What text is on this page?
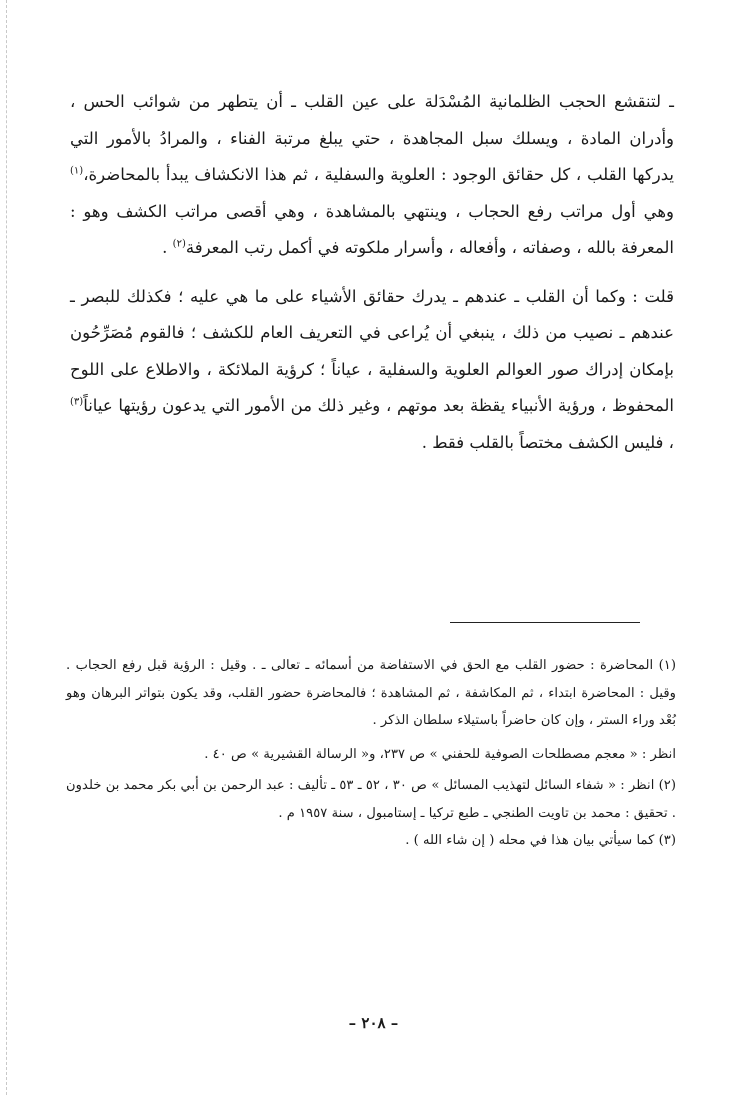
ـ لتنقشع الحجب الظلمانية المُسْدَلة على عين القلب ـ أن يتطهر من شوائب الحس ، وأدران المادة ، ويسلك سبل المجاهدة ، حتي يبلغ مرتبة الفناء ، والمرادُ بالأمور التي يدركها القلب ، كل حقائق الوجود : العلوية والسفلية ، ثم هذا الانكشاف يبدأ بالمحاضرة،$^{(١)}$ وهي أول مراتب رفع الحجاب ، وينتهي بالمشاهدة ، وهي أقصى مراتب الكشف وهو : المعرفة بالله ، وصفاته ، وأفعاله ، وأسرار ملكوته في أكمل رتب المعرفة$^{(٢)}$ .

قلت : وكما أن القلب ـ عندهم ـ يدرك حقائق الأشياء على ما هي عليه ؛ فكذلك للبصر ـ عندهم ـ نصيب من ذلك ، ينبغي أن يُراعى في التعريف العام للكشف ؛ فالقوم مُصَرِّحُون بإمكان إدراك صور العوالم العلوية والسفلية ، عياناً ؛ كرؤية الملائكة ، والاطلاع على اللوح المحفوظ ، ورؤية الأنبياء يقظة بعد موتهم ، وغير ذلك من الأمور التي يدعون رؤيتها عياناً$^{(٣)}$ ، فليس الكشف مختصاً بالقلب فقط .

(١) المحاضرة : حضور القلب مع الحق في الاستفاضة من أسمائه ـ تعالى ـ . وقيل : الرؤية قبل رفع الحجاب . وقيل : المحاضرة ابتداء ، ثم المكاشفة ، ثم المشاهدة ؛ فالمحاضرة حضور القلب، وقد يكون بتواتر البرهان وهو بُعْد وراء الستر ، وإن كان حاضراً باستيلاء سلطان الذكر .

انظر : « معجم مصطلحات الصوفية للحفني » ص ٢٣٧، و« الرسالة القشيرية » ص ٤٠ .

(٢) انظر : « شفاء السائل لتهذيب المسائل » ص ٣٠ ، ٥٢ ـ ٥٣ ـ تأليف : عبد الرحمن بن أبي بكر محمد بن خلدون . تحقيق : محمد بن تاويت الطنجي ـ طبع تركيا ـ إستامبول ، سنة ١٩٥٧ م .

(٣) كما سيأتي بيان هذا في محله ( إن شاء الله ) .

– ٢٠٨ –
